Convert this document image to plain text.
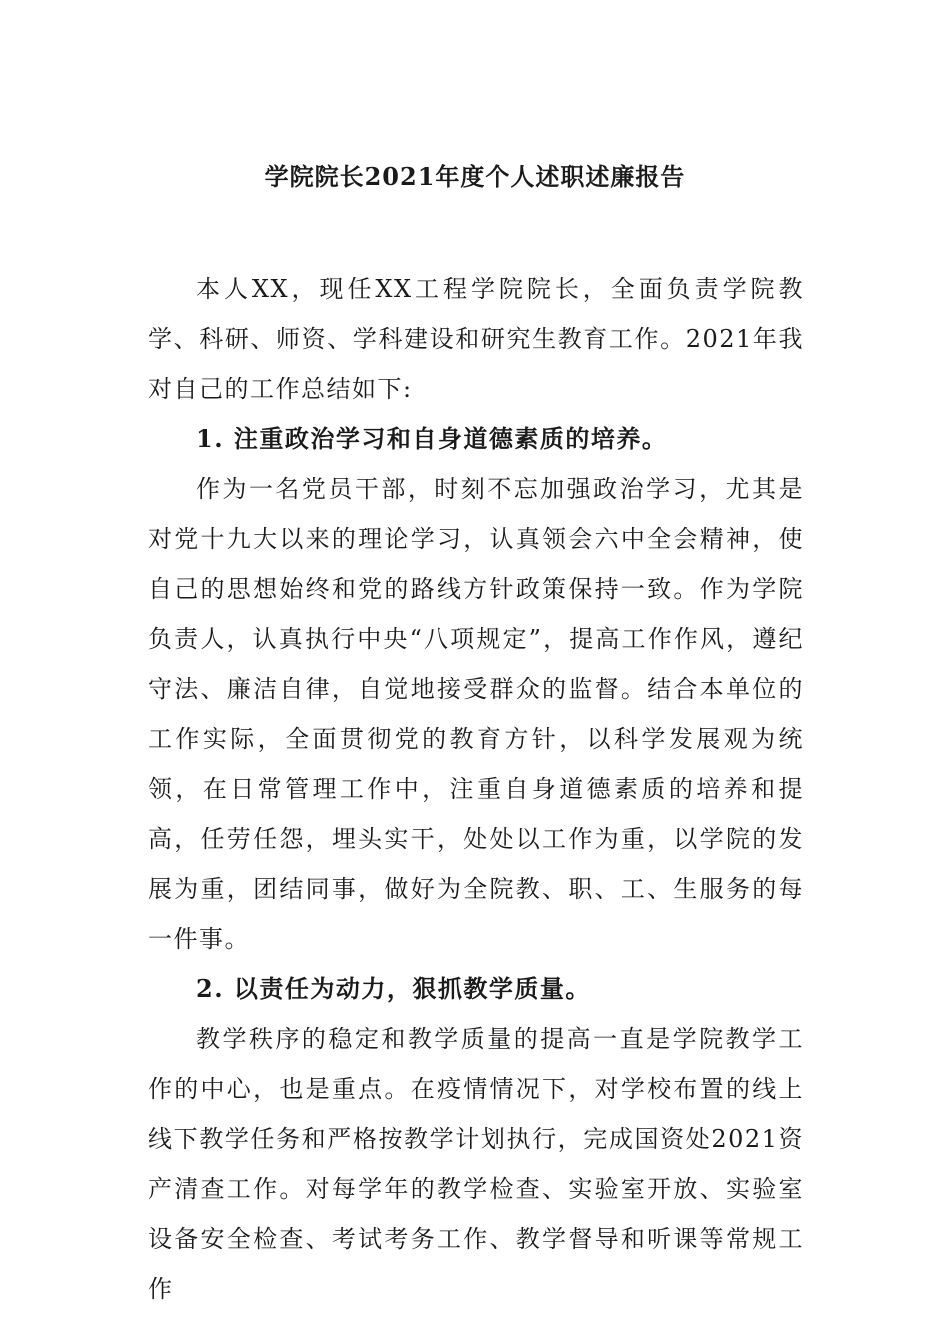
学院院长2021年度个人述职述廉报告

本人XX，现任XX工程学院院长，全面负责学院教学、科研、师资、学科建设和研究生教育工作。2021年我对自己的工作总结如下:

1. 注重政治学习和自身道德素质的培养。

作为一名党员干部，时刻不忘加强政治学习，尤其是对党十九大以来的理论学习，认真领会六中全会精神，使自己的思想始终和党的路线方针政策保持一致。作为学院负责人，认真执行中央“八项规定”，提高工作作风，遵纪守法、廉洁自律，自觉地接受群众的监督。结合本单位的工作实际，全面贯彻党的教育方针，以科学发展观为统领，在日常管理工作中，注重自身道德素质的培养和提高，任劳任怨，埋头实干，处处以工作为重，以学院的发展为重，团结同事，做好为全院教、职、工、生服务的每一件事。

2. 以责任为动力，狠抓教学质量。

教学秩序的稳定和教学质量的提高一直是学院教学工作的中心，也是重点。在疫情情况下，对学校布置的线上线下教学任务和严格按教学计划执行，完成国资处2021资产清查工作。对每学年的教学检查、实验室开放、实验室设备安全检查、考试考务工作、教学督导和听课等常规工作
